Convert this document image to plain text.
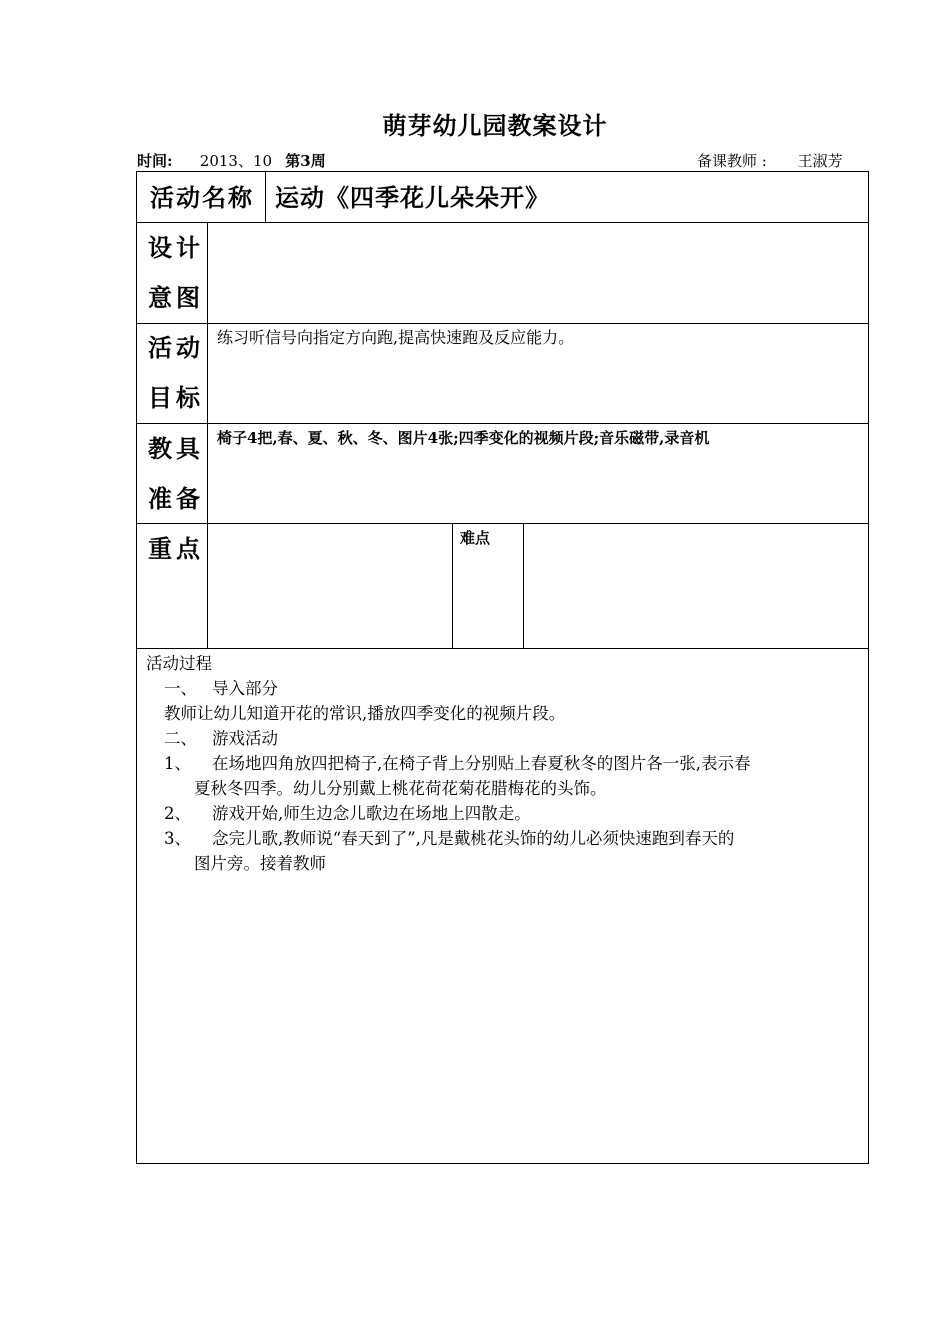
萌芽幼儿园教案设计
时间: 2013、10 第3周	备课教师 : 王淑芳
活动名称 运动《四季花儿朵朵开》
设计
意图
活动
目标
练习听信号向指定方向跑,提高快速跑及反应能力。
教具
准备
椅子4把,春、夏、秋、冬、图片4张;四季变化的视频片段;音乐磁带,录音机
重点	难点
活动过程
一、 导入部分
教师让幼儿知道开花的常识,播放四季变化的视频片段。
二、 游戏活动
1、 在场地四角放四把椅子,在椅子背上分别贴上春夏秋冬的图片各一张,表示春
夏秋冬四季。幼儿分别戴上桃花荷花菊花腊梅花的头饰。
2、 游戏开始,师生边念儿歌边在场地上四散走。
3、 念完儿歌,教师说“春天到了”,凡是戴桃花头饰的幼儿必须快速跑到春天的
图片旁。接着教师
